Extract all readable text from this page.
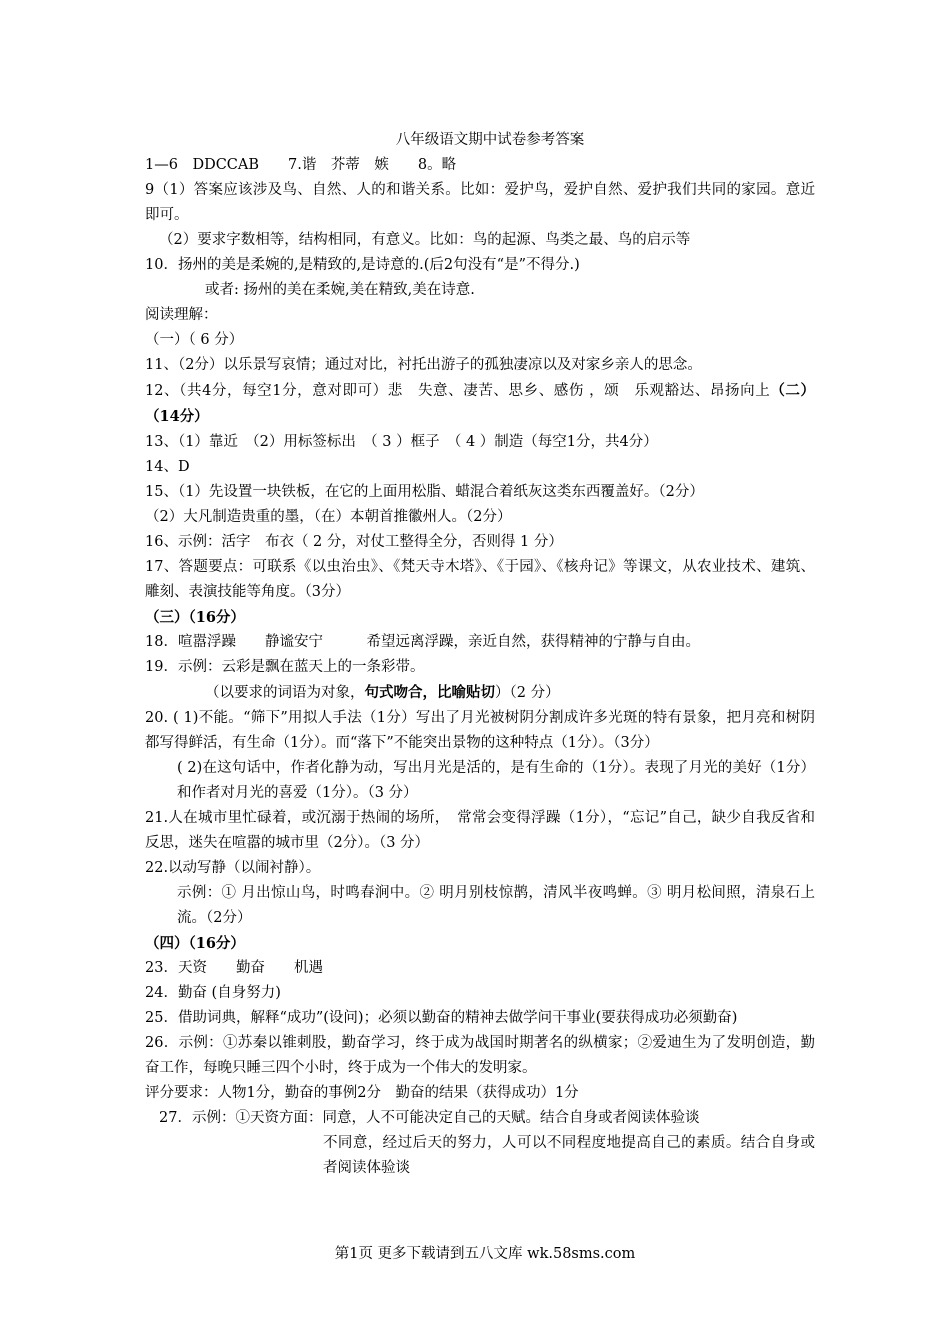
八年级语文期中试卷参考答案

1—6　DDCCAB　　7.谐　芥蒂　嫉　　8。略

9（1）答案应该涉及鸟、自然、人的和谐关系。比如：爱护鸟，爱护自然、爱护我们共同的家园。意近即可。

（2）要求字数相等，结构相同，有意义。比如：鸟的起源、鸟类之最、鸟的启示等

10．扬州的美是柔婉的,是精致的,是诗意的.(后2句没有“是”不得分.)

或者: 扬州的美在柔婉,美在精致,美在诗意.

阅读理解：

（一）（ 6 分）

11、（2分）以乐景写哀情；通过对比，衬托出游子的孤独凄凉以及对家乡亲人的思念。

12、（共4分，每空1分，意对即可）悲　失意、凄苦、思乡、感伤 ，颂　乐观豁达、昂扬向上（二）（14分）

13、（1）靠近　（2）用标签标出　（ 3 ）框子　（ 4 ）制造（每空1分，共4分）

14、D

15、（1）先设置一块铁板，在它的上面用松脂、蜡混合着纸灰这类东西覆盖好。（2分）

（2）大凡制造贵重的墨，（在）本朝首推徽州人。（2分）

16、示例：活字　布衣（ 2 分，对仗工整得全分，否则得 1 分）

17、答题要点：可联系《以虫治虫》、《梵天寺木塔》、《于园》、《核舟记》等课文，从农业技术、建筑、雕刻、表演技能等角度。（3分）

（三）（16分）

18．喧嚣浮躁　　静谧安宁　　　希望远离浮躁，亲近自然，获得精神的宁静与自由。

19．示例：云彩是飘在蓝天上的一条彩带。

（以要求的词语为对象，句式吻合，比喻贴切）（2 分）

20. ( 1)不能。“筛下”用拟人手法（1分）写出了月光被树阴分割成许多光斑的特有景象，把月亮和树阴都写得鲜活，有生命（1分）。而“落下”不能突出景物的这种特点（1分）。（3分）

( 2)在这句话中，作者化静为动，写出月光是活的，是有生命的（1分）。表现了月光的美好（1分）和作者对月光的喜爱（1分）。（3 分）

21.人在城市里忙碌着，或沉溺于热闹的场所，　常常会变得浮躁（1分），“忘记”自己，缺少自我反省和反思，迷失在喧嚣的城市里（2分）。（3 分）

22.以动写静（以闹衬静）。

示例：① 月出惊山鸟，时鸣春涧中。② 明月别枝惊鹊，清风半夜鸣蝉。③ 明月松间照，清泉石上流。（2分）

（四）（16分）

23．天资　　勤奋　　机遇

24．勤奋 (自身努力)

25．借助词典，解释“成功”(设问)；必须以勤奋的精神去做学问干事业(要获得成功必须勤奋)

26．示例：①苏秦以锥刺股，勤奋学习，终于成为战国时期著名的纵横家；②爱迪生为了发明创造，勤奋工作，每晚只睡三四个小时，终于成为一个伟大的发明家。

评分要求：人物1分，勤奋的事例2分　勤奋的结果（获得成功）1分

27．示例：①天资方面：同意，人不可能决定自己的天赋。结合自身或者阅读体验谈

不同意，经过后天的努力，人可以不同程度地提高自己的素质。结合自身或者阅读体验谈

第1页 更多下载请到五八文库 wk.58sms.com
